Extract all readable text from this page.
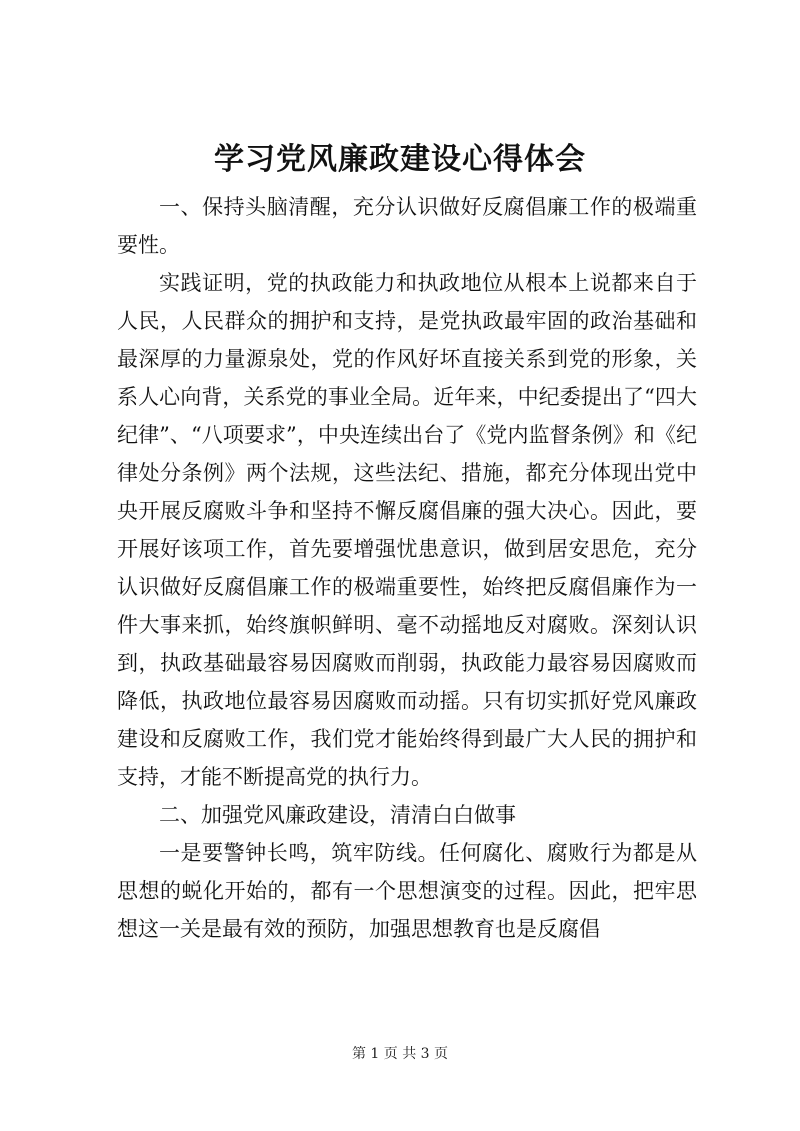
学习党风廉政建设心得体会

一、保持头脑清醒，充分认识做好反腐倡廉工作的极端重要性。

实践证明，党的执政能力和执政地位从根本上说都来自于人民，人民群众的拥护和支持，是党执政最牢固的政治基础和最深厚的力量源泉处，党的作风好坏直接关系到党的形象，关系人心向背，关系党的事业全局。近年来，中纪委提出了“四大纪律”、“八项要求”，中央连续出台了《党内监督条例》和《纪律处分条例》两个法规，这些法纪、措施，都充分体现出党中央开展反腐败斗争和坚持不懈反腐倡廉的强大决心。因此，要开展好该项工作，首先要增强忧患意识，做到居安思危，充分认识做好反腐倡廉工作的极端重要性，始终把反腐倡廉作为一件大事来抓，始终旗帜鲜明、毫不动摇地反对腐败。深刻认识到，执政基础最容易因腐败而削弱，执政能力最容易因腐败而降低，执政地位最容易因腐败而动摇。只有切实抓好党风廉政建设和反腐败工作，我们党才能始终得到最广大人民的拥护和支持，才能不断提高党的执行力。

二、加强党风廉政建设，清清白白做事

一是要警钟长鸣，筑牢防线。任何腐化、腐败行为都是从思想的蜕化开始的，都有一个思想演变的过程。因此，把牢思想这一关是最有效的预防，加强思想教育也是反腐倡

第 1 页 共 3 页
